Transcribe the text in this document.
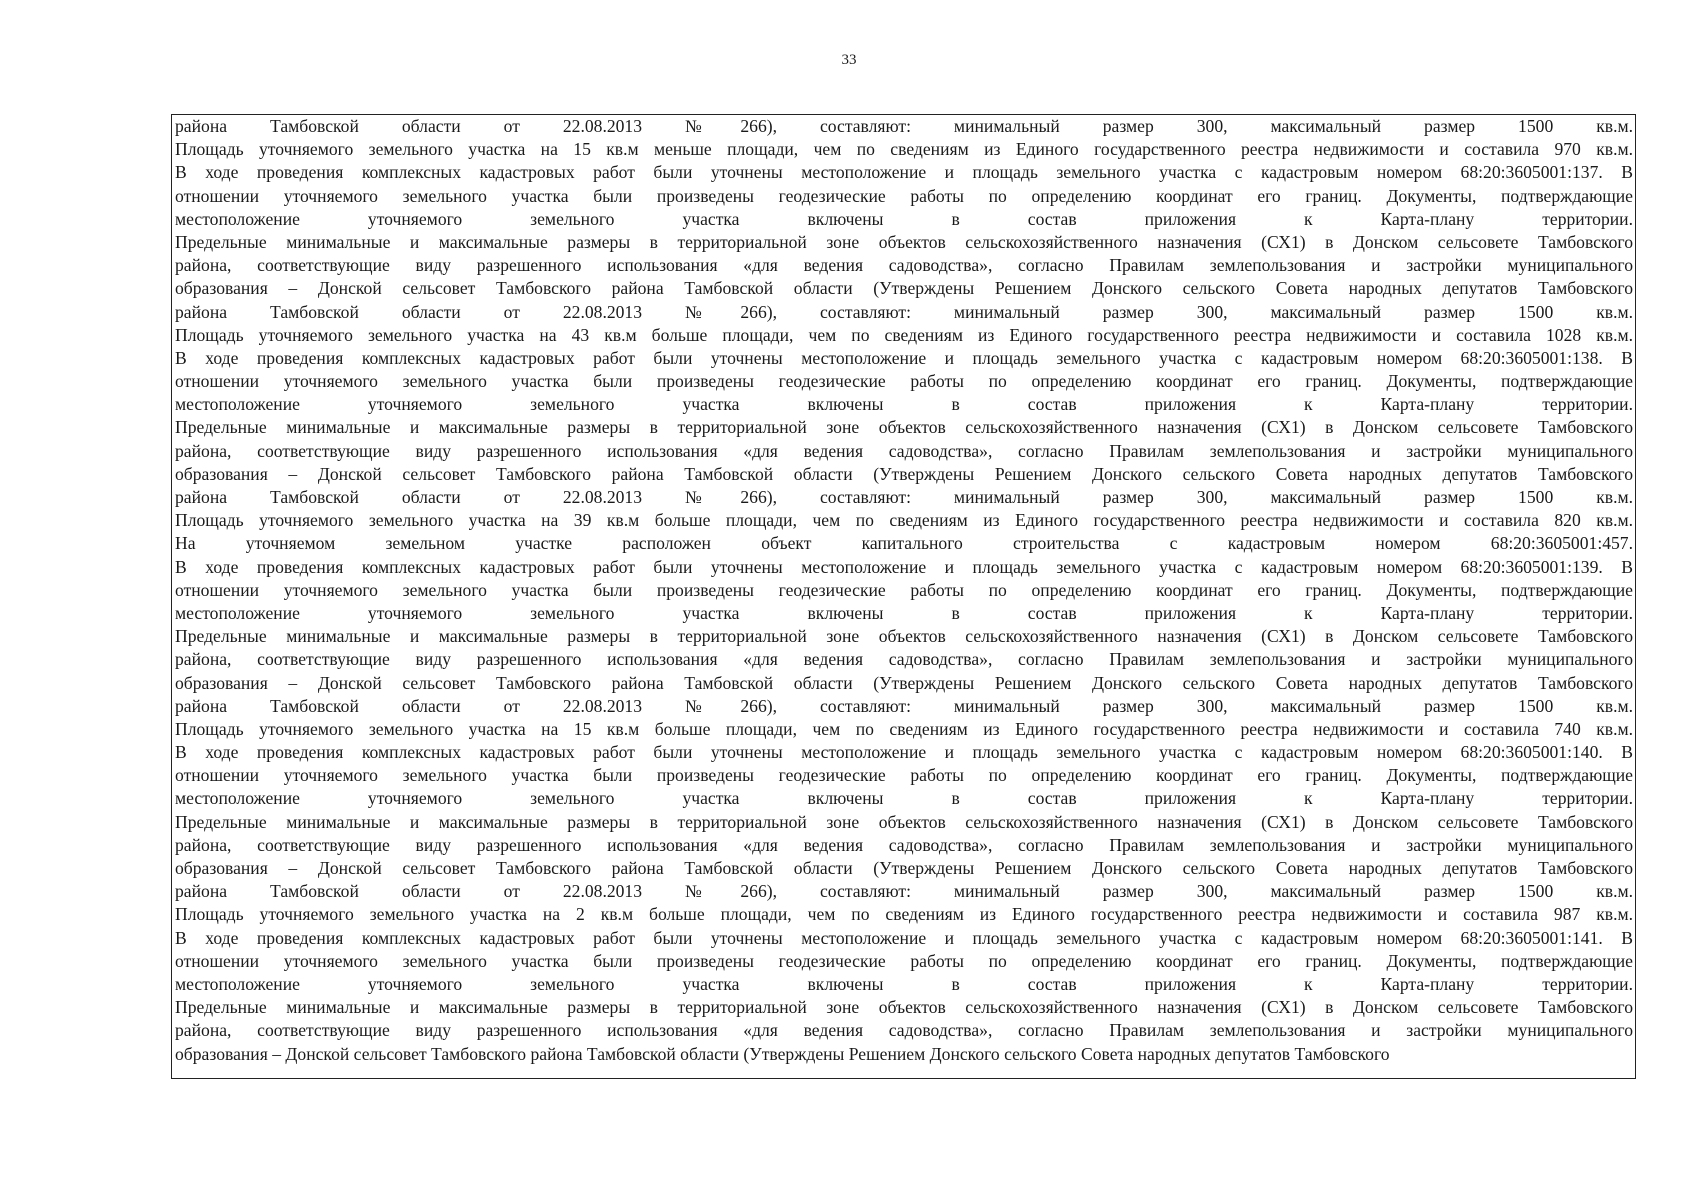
33
района Тамбовской области от 22.08.2013 №266), составляют: минимальный размер 300, максимальный размер 1500 кв.м.
Площадь уточняемого земельного участка на 15 кв.м меньше площади, чем по сведениям из Единого государственного реестра недвижимости и составила 970 кв.м.
В ходе проведения комплексных кадастровых работ были уточнены местоположение и площадь земельного участка с кадастровым номером 68:20:3605001:137. В
отношении уточняемого земельного участка были произведены геодезические работы по определению координат его границ. Документы, подтверждающие
местоположение уточняемого земельного участка включены в состав приложения к Карта-плану территории.
Предельные минимальные и максимальные размеры в территориальной зоне объектов сельскохозяйственного назначения (СХ1) в Донском сельсовете Тамбовского
района, соответствующие виду разрешенного использования «для ведения садоводства», согласно Правилам землепользования и застройки муниципального
образования – Донской сельсовет Тамбовского района Тамбовской области (Утверждены Решением Донского сельского Совета народных депутатов Тамбовского
района Тамбовской области от 22.08.2013 №266), составляют: минимальный размер 300, максимальный размер 1500 кв.м.
Площадь уточняемого земельного участка на 43 кв.м больше площади, чем по сведениям из Единого государственного реестра недвижимости и составила 1028 кв.м.
В ходе проведения комплексных кадастровых работ были уточнены местоположение и площадь земельного участка с кадастровым номером 68:20:3605001:138. В
отношении уточняемого земельного участка были произведены геодезические работы по определению координат его границ. Документы, подтверждающие
местоположение уточняемого земельного участка включены в состав приложения к Карта-плану территории.
Предельные минимальные и максимальные размеры в территориальной зоне объектов сельскохозяйственного назначения (СХ1) в Донском сельсовете Тамбовского
района, соответствующие виду разрешенного использования «для ведения садоводства», согласно Правилам землепользования и застройки муниципального
образования – Донской сельсовет Тамбовского района Тамбовской области (Утверждены Решением Донского сельского Совета народных депутатов Тамбовского
района Тамбовской области от 22.08.2013 №266), составляют: минимальный размер 300, максимальный размер 1500 кв.м.
Площадь уточняемого земельного участка на 39 кв.м больше площади, чем по сведениям из Единого государственного реестра недвижимости и составила 820 кв.м.
На уточняемом земельном участке расположен объект капитального строительства с кадастровым номером 68:20:3605001:457.
В ходе проведения комплексных кадастровых работ были уточнены местоположение и площадь земельного участка с кадастровым номером 68:20:3605001:139. В
отношении уточняемого земельного участка были произведены геодезические работы по определению координат его границ. Документы, подтверждающие
местоположение уточняемого земельного участка включены в состав приложения к Карта-плану территории.
Предельные минимальные и максимальные размеры в территориальной зоне объектов сельскохозяйственного назначения (СХ1) в Донском сельсовете Тамбовского
района, соответствующие виду разрешенного использования «для ведения садоводства», согласно Правилам землепользования и застройки муниципального
образования – Донской сельсовет Тамбовского района Тамбовской области (Утверждены Решением Донского сельского Совета народных депутатов Тамбовского
района Тамбовской области от 22.08.2013 №266), составляют: минимальный размер 300, максимальный размер 1500 кв.м.
Площадь уточняемого земельного участка на 15 кв.м больше площади, чем по сведениям из Единого государственного реестра недвижимости и составила 740 кв.м.
В ходе проведения комплексных кадастровых работ были уточнены местоположение и площадь земельного участка с кадастровым номером 68:20:3605001:140. В
отношении уточняемого земельного участка были произведены геодезические работы по определению координат его границ. Документы, подтверждающие
местоположение уточняемого земельного участка включены в состав приложения к Карта-плану территории.
Предельные минимальные и максимальные размеры в территориальной зоне объектов сельскохозяйственного назначения (СХ1) в Донском сельсовете Тамбовского
района, соответствующие виду разрешенного использования «для ведения садоводства», согласно Правилам землепользования и застройки муниципального
образования – Донской сельсовет Тамбовского района Тамбовской области (Утверждены Решением Донского сельского Совета народных депутатов Тамбовского
района Тамбовской области от 22.08.2013 №266), составляют: минимальный размер 300, максимальный размер 1500 кв.м.
Площадь уточняемого земельного участка на 2 кв.м больше площади, чем по сведениям из Единого государственного реестра недвижимости и составила 987 кв.м.
В ходе проведения комплексных кадастровых работ были уточнены местоположение и площадь земельного участка с кадастровым номером 68:20:3605001:141. В
отношении уточняемого земельного участка были произведены геодезические работы по определению координат его границ. Документы, подтверждающие
местоположение уточняемого земельного участка включены в состав приложения к Карта-плану территории.
Предельные минимальные и максимальные размеры в территориальной зоне объектов сельскохозяйственного назначения (СХ1) в Донском сельсовете Тамбовского
района, соответствующие виду разрешенного использования «для ведения садоводства», согласно Правилам землепользования и застройки муниципального
образования – Донской сельсовет Тамбовского района Тамбовской области (Утверждены Решением Донского сельского Совета народных депутатов Тамбовского
